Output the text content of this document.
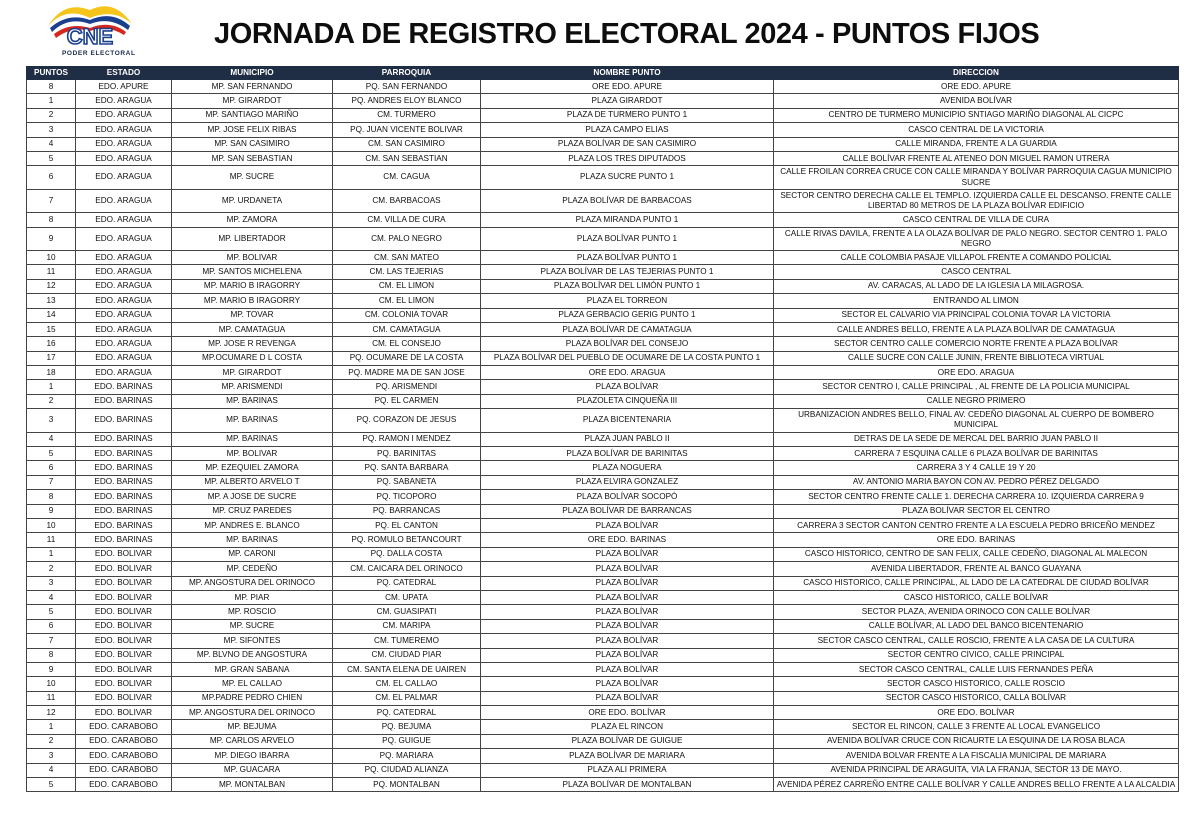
CNE
PODER ELECTORAL
JORNADA DE REGISTRO ELECTORAL 2024 - PUNTOS FIJOS
PUNTOS	ESTADO	MUNICIPIO	PARROQUIA	NOMBRE PUNTO	DIRECCION
8	EDO. APURE	MP. SAN FERNANDO	PQ. SAN FERNANDO	ORE EDO. APURE	ORE EDO. APURE
1	EDO. ARAGUA	MP. GIRARDOT	PQ. ANDRES ELOY BLANCO	PLAZA GIRARDOT	AVENIDA BOLÍVAR
2	EDO. ARAGUA	MP. SANTIAGO MARIÑO	CM. TURMERO	PLAZA DE TURMERO PUNTO 1	CENTRO DE TURMERO MUNICIPIO SNTIAGO MARIÑO DIAGONAL AL CICPC
3	EDO. ARAGUA	MP. JOSE FELIX RIBAS	PQ. JUAN VICENTE BOLIVAR	PLAZA CAMPO ELIAS	CASCO CENTRAL DE LA VICTORIA
4	EDO. ARAGUA	MP. SAN CASIMIRO	CM. SAN CASIMIRO	PLAZA BOLÍVAR DE SAN CASIMIRO	CALLE MIRANDA, FRENTE A LA GUARDIA
5	EDO. ARAGUA	MP. SAN SEBASTIAN	CM. SAN SEBASTIAN	PLAZA LOS TRES DIPUTADOS	CALLE BOLÍVAR FRENTE AL ATENEO DON MIGUEL RAMON UTRERA
6	EDO. ARAGUA	MP. SUCRE	CM. CAGUA	PLAZA SUCRE PUNTO 1	CALLE FROILAN CORREA CRUCE CON CALLE MIRANDA Y BOLÍVAR PARROQUIA CAGUA MUNICIPIO SUCRE
7	EDO. ARAGUA	MP. URDANETA	CM. BARBACOAS	PLAZA BOLÍVAR DE BARBACOAS	SECTOR CENTRO DERECHA CALLE EL TEMPLO. IZQUIERDA CALLE EL DESCANSO. FRENTE CALLE LIBERTAD 80 METROS DE LA PLAZA BOLÍVAR EDIFICIO
8	EDO. ARAGUA	MP. ZAMORA	CM. VILLA DE CURA	PLAZA MIRANDA PUNTO 1	CASCO CENTRAL DE VILLA DE CURA
9	EDO. ARAGUA	MP. LIBERTADOR	CM. PALO NEGRO	PLAZA BOLÍVAR PUNTO 1	CALLE RIVAS DAVILA, FRENTE A LA OLAZA BOLÍVAR DE PALO NEGRO. SECTOR CENTRO 1. PALO NEGRO
10	EDO. ARAGUA	MP. BOLIVAR	CM. SAN MATEO	PLAZA BOLÍVAR PUNTO 1	CALLE COLOMBIA PASAJE VILLAPOL FRENTE A COMANDO POLICIAL
11	EDO. ARAGUA	MP. SANTOS MICHELENA	CM. LAS TEJERIAS	PLAZA BOLÍVAR DE LAS TEJERIAS PUNTO 1	CASCO CENTRAL
12	EDO. ARAGUA	MP. MARIO B IRAGORRY	CM. EL LIMON	PLAZA BOLÍVAR DEL LIMÓN PUNTO 1	AV. CARACAS, AL LADO DE LA IGLESIA LA MILAGROSA.
13	EDO. ARAGUA	MP. MARIO B IRAGORRY	CM. EL LIMON	PLAZA EL TORREON	ENTRANDO AL LIMON
14	EDO. ARAGUA	MP. TOVAR	CM. COLONIA TOVAR	PLAZA GERBACIO GERIG PUNTO 1	SECTOR EL CALVARIO VIA PRINCIPAL COLONIA TOVAR LA VICTORIA
15	EDO. ARAGUA	MP. CAMATAGUA	CM. CAMATAGUA	PLAZA BOLÍVAR DE CAMATAGUA	CALLE ANDRES BELLO, FRENTE A LA PLAZA BOLÍVAR DE CAMATAGUA
16	EDO. ARAGUA	MP. JOSE R REVENGA	CM. EL CONSEJO	PLAZA BOLÍVAR DEL CONSEJO	SECTOR CENTRO CALLE COMERCIO NORTE FRENTE A PLAZA BOLÍVAR
17	EDO. ARAGUA	MP.OCUMARE D L COSTA	PQ. OCUMARE DE LA COSTA	PLAZA BOLÍVAR DEL PUEBLO DE OCUMARE DE LA COSTA PUNTO 1	CALLE SUCRE CON CALLE JUNIN, FRENTE BIBLIOTECA VIRTUAL
18	EDO. ARAGUA	MP. GIRARDOT	PQ. MADRE MA DE SAN JOSE	ORE EDO. ARAGUA	ORE EDO. ARAGUA
1	EDO. BARINAS	MP. ARISMENDI	PQ. ARISMENDI	PLAZA BOLÍVAR	SECTOR CENTRO I, CALLE PRINCIPAL , AL FRENTE DE LA POLICIA MUNICIPAL
2	EDO. BARINAS	MP. BARINAS	PQ. EL CARMEN	PLAZOLETA CINQUEÑA III	CALLE NEGRO PRIMERO
3	EDO. BARINAS	MP. BARINAS	PQ. CORAZON DE JESUS	PLAZA BICENTENARIA	URBANIZACION ANDRES BELLO, FINAL AV. CEDEÑO DIAGONAL AL CUERPO DE BOMBERO MUNICIPAL
4	EDO. BARINAS	MP. BARINAS	PQ. RAMON I MENDEZ	PLAZA JUAN PABLO II	DETRAS DE LA SEDE DE MERCAL DEL BARRIO JUAN PABLO II
5	EDO. BARINAS	MP. BOLIVAR	PQ. BARINITAS	PLAZA BOLÍVAR DE BARINITAS	CARRERA 7 ESQUINA CALLE 6 PLAZA BOLÍVAR DE BARINITAS
6	EDO. BARINAS	MP. EZEQUIEL ZAMORA	PQ. SANTA BARBARA	PLAZA NOGUERA	CARRERA 3 Y 4 CALLE 19 Y 20
7	EDO. BARINAS	MP. ALBERTO ARVELO T	PQ. SABANETA	PLAZA ELVIRA GONZALEZ	AV. ANTONIO MARIA BAYON CON AV. PEDRO PÉREZ DELGADO
8	EDO. BARINAS	MP. A JOSE DE SUCRE	PQ. TICOPORO	PLAZA BOLÍVAR SOCOPÓ	SECTOR CENTRO FRENTE CALLE 1. DERECHA CARRERA 10. IZQUIERDA CARRERA 9
9	EDO. BARINAS	MP. CRUZ PAREDES	PQ. BARRANCAS	PLAZA BOLÍVAR DE BARRANCAS	PLAZA BOLÍVAR SECTOR EL CENTRO
10	EDO. BARINAS	MP. ANDRES E. BLANCO	PQ. EL CANTON	PLAZA BOLÍVAR	CARRERA 3 SECTOR CANTON CENTRO FRENTE A LA ESCUELA PEDRO BRICEÑO MENDEZ
11	EDO. BARINAS	MP. BARINAS	PQ. ROMULO BETANCOURT	ORE EDO. BARINAS	ORE EDO. BARINAS
1	EDO. BOLIVAR	MP. CARONI	PQ. DALLA COSTA	PLAZA BOLÍVAR	CASCO HISTORICO, CENTRO DE SAN FELIX, CALLE CEDEÑO, DIAGONAL AL MALECON
2	EDO. BOLIVAR	MP. CEDEÑO	CM. CAICARA DEL ORINOCO	PLAZA BOLÍVAR	AVENIDA LIBERTADOR, FRENTE AL BANCO GUAYANA
3	EDO. BOLIVAR	MP. ANGOSTURA DEL ORINOCO	PQ. CATEDRAL	PLAZA BOLÍVAR	CASCO HISTORICO, CALLE PRINCIPAL, AL LADO DE LA CATEDRAL DE CIUDAD BOLÍVAR
4	EDO. BOLIVAR	MP. PIAR	CM. UPATA	PLAZA BOLÍVAR	CASCO HISTORICO, CALLE BOLÍVAR
5	EDO. BOLIVAR	MP. ROSCIO	CM. GUASIPATI	PLAZA BOLÍVAR	SECTOR PLAZA, AVENIDA ORINOCO CON CALLE BOLÍVAR
6	EDO. BOLIVAR	MP. SUCRE	CM. MARIPA	PLAZA BOLÍVAR	CALLE BOLÍVAR, AL LADO DEL BANCO BICENTENARIO
7	EDO. BOLIVAR	MP. SIFONTES	CM. TUMEREMO	PLAZA BOLÍVAR	SECTOR CASCO CENTRAL, CALLE ROSCIO, FRENTE A LA CASA DE LA CULTURA
8	EDO. BOLIVAR	MP. BLVNO DE ANGOSTURA	CM. CIUDAD PIAR	PLAZA BOLÍVAR	SECTOR CENTRO CIVICO, CALLE PRINCIPAL
9	EDO. BOLIVAR	MP. GRAN SABANA	CM. SANTA ELENA DE UAIREN	PLAZA BOLÍVAR	SECTOR CASCO CENTRAL, CALLE LUIS FERNANDES PEÑA
10	EDO. BOLIVAR	MP. EL CALLAO	CM. EL CALLAO	PLAZA BOLÍVAR	SECTOR CASCO HISTORICO, CALLE ROSCIO
11	EDO. BOLIVAR	MP.PADRE PEDRO CHIEN	CM. EL PALMAR	PLAZA BOLÍVAR	SECTOR CASCO HISTORICO, CALLA BOLÍVAR
12	EDO. BOLIVAR	MP. ANGOSTURA DEL ORINOCO	PQ. CATEDRAL	ORE EDO. BOLÍVAR	ORE EDO. BOLÍVAR
1	EDO. CARABOBO	MP. BEJUMA	PQ. BEJUMA	PLAZA EL RINCON	SECTOR EL RINCON, CALLE 3 FRENTE AL LOCAL EVANGELICO
2	EDO. CARABOBO	MP. CARLOS ARVELO	PQ. GUIGUE	PLAZA BOLÍVAR DE GUIGUE	AVENIDA BOLÍVAR CRUCE CON RICAURTE LA ESQUINA DE LA ROSA BLACA
3	EDO. CARABOBO	MP. DIEGO IBARRA	PQ. MARIARA	PLAZA BOLÍVAR DE MARIARA	AVENIDA BOLVAR FRENTE A LA FISCALIA MUNICIPAL DE MARIARA
4	EDO. CARABOBO	MP. GUACARA	PQ. CIUDAD ALIANZA	PLAZA ALI PRIMERA	AVENIDA PRINCIPAL DE ARAGUITA, VIA LA FRANJA, SECTOR 13 DE MAYO.
5	EDO. CARABOBO	MP. MONTALBAN	PQ. MONTALBAN	PLAZA BOLÍVAR DE MONTALBAN	AVENIDA PÉREZ CARREÑO ENTRE CALLE BOLÍVAR Y CALLE ANDRES BELLO FRENTE A LA ALCALDIA
